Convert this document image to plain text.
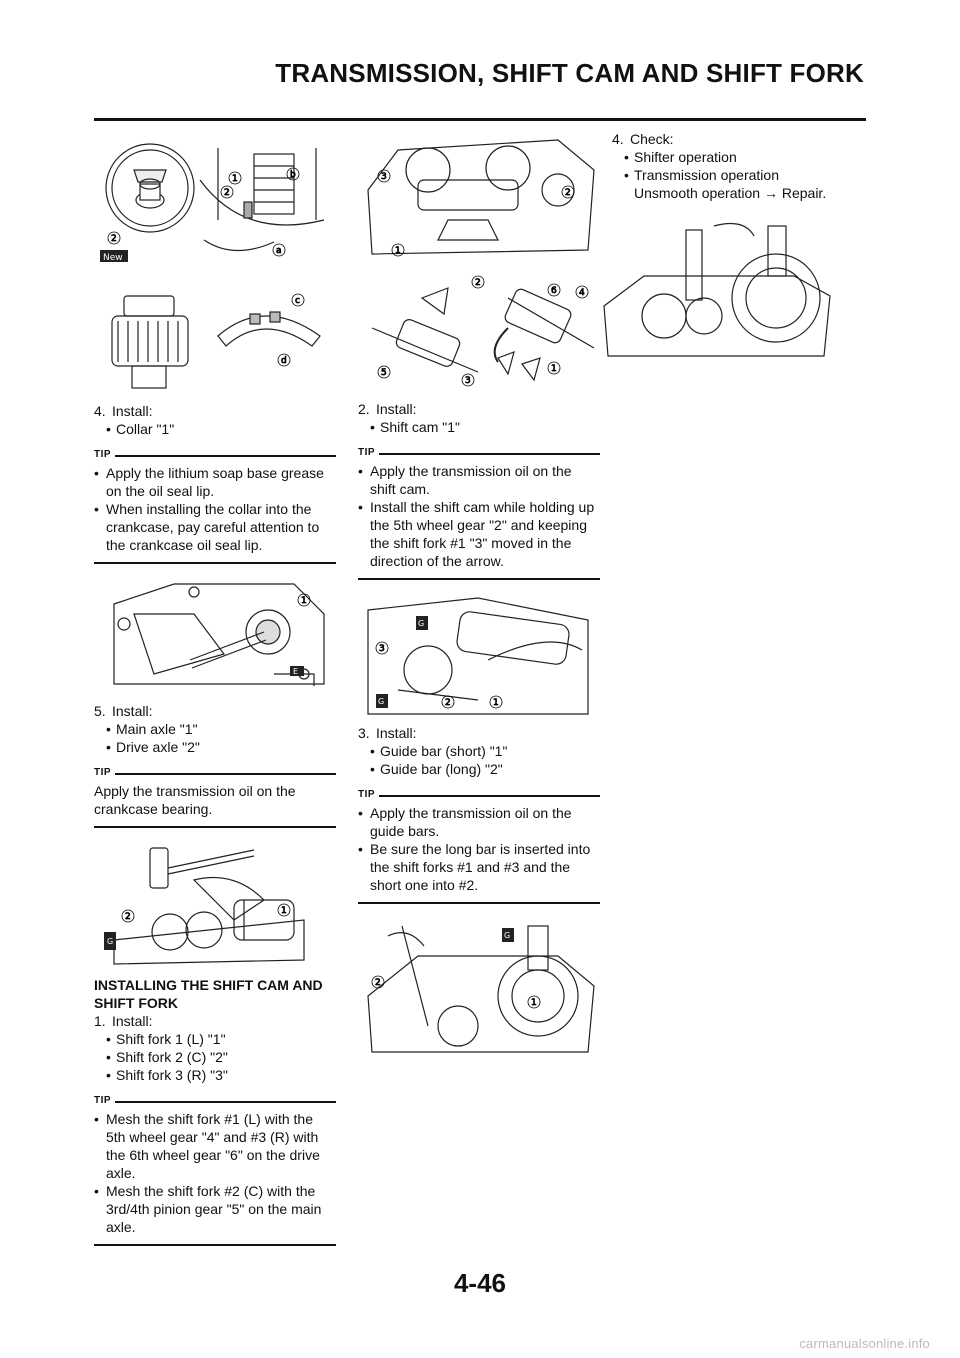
TRANSMISSION, SHIFT CAM AND SHIFT FORK
1
2
b
a
2
New
c
d

4. Install:

• Collar "1"
TIP
• Apply the lithium soap base grease on the oil seal lip.
• When installing the collar into the crankcase, pay careful attention to the crankcase oil seal lip.
1
E

5. Install:

• Main axle "1"
• Drive axle "2"
TIP

Apply the transmission oil on the crankcase bearing.

2
1
G
INSTALLING THE SHIFT CAM AND SHIFT FORK

1. Install:

• Shift fork 1 (L) "1"
• Shift fork 2 (C) "2"
• Shift fork 3 (R) "3"
TIP
• Mesh the shift fork #1 (L) with the 5th wheel gear "4" and #3 (R) with the 6th wheel gear "6" on the drive axle.
• Mesh the shift fork #2 (C) with the 3rd/4th pinion gear "5" on the main axle.
3
2
1
2
6 4
1
3
5

2. Install:

• Shift cam "1"
TIP
• Apply the transmission oil on the shift cam.
• Install the shift cam while holding up the 5th wheel gear "2" and keeping the shift fork #1 "3" moved in the direction of the arrow.
G
3
2	1
G

3. Install:

• Guide bar (short) "1"
• Guide bar (long) "2"
TIP
• Apply the transmission oil on the guide bars.
• Be sure the long bar is inserted into the shift forks #1 and #3 and the short one into #2.
G
2
1

4. Check:

• Shifter operation
• Transmission operation
Unsmooth operation → Repair.
4-46
carmanualsonline.info
